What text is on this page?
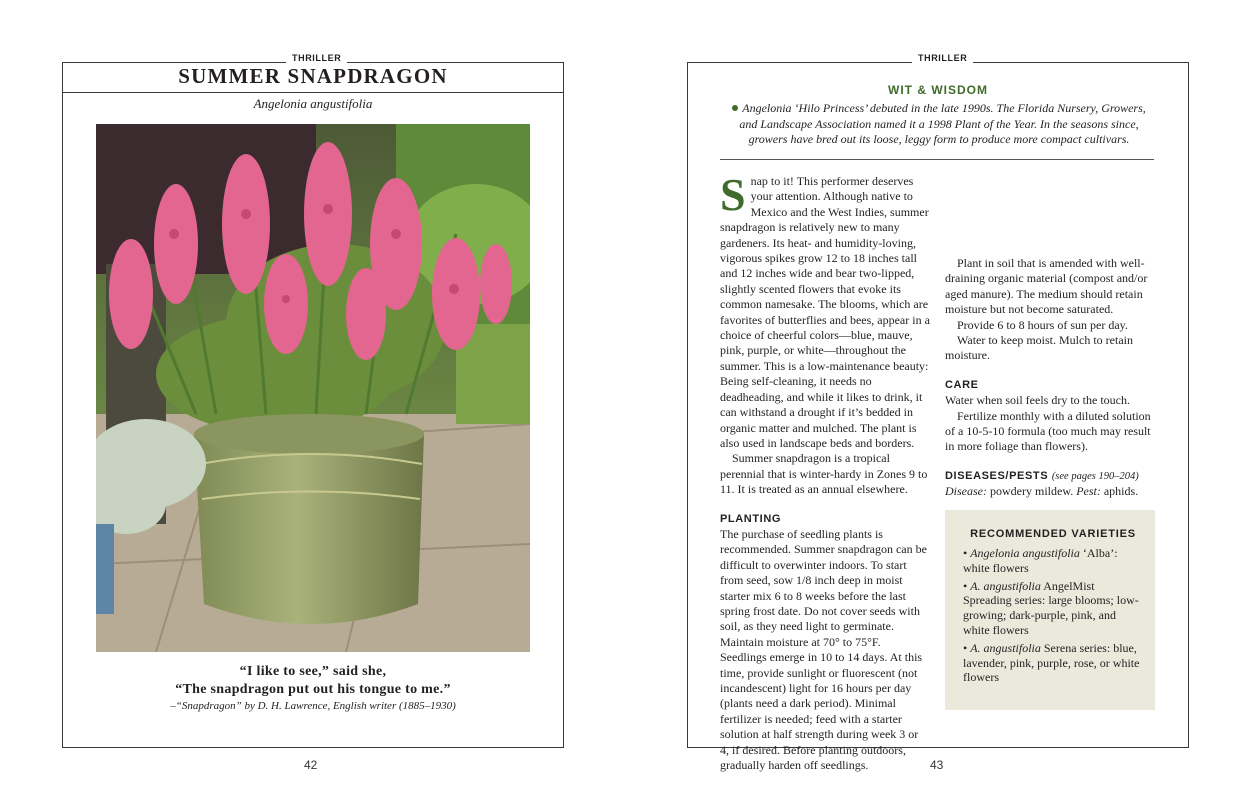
THRILLER
SUMMER SNAPDRAGON
Angelonia angustifolia
“I like to see,” said she,
“The snapdragon put out his tongue to me.”
–“Snapdragon” by D. H. Lawrence, English writer (1885–1930)
42
THRILLER
WIT & WISDOM
Angelonia ‘Hilo Princess’ debuted in the late 1990s. The Florida Nursery, Growers, and Landscape Association named it a 1998 Plant of the Year. In the seasons since, growers have bred out its loose, leggy form to produce more compact cultivars.

Snap to it! This performer deserves your attention. Although native to Mexico and the West Indies, summer snapdragon is relatively new to many gardeners. Its heat- and humidity-loving, vigorous spikes grow 12 to 18 inches tall and 12 inches wide and bear two-lipped, slightly scented flowers that evoke its common namesake. The blooms, which are favorites of butterflies and bees, appear in a choice of cheerful colors—blue, mauve, pink, purple, or white—throughout the summer. This is a low-maintenance beauty: Being self-cleaning, it needs no deadheading, and while it likes to drink, it can withstand a drought if it’s bedded in organic matter and mulched. The plant is also used in landscape beds and borders.

Summer snapdragon is a tropical perennial that is winter-hardy in Zones 9 to 11. It is treated as an annual elsewhere.

PLANTING

The purchase of seedling plants is recommended. Summer snapdragon can be difficult to overwinter indoors. To start from seed, sow 1/8 inch deep in moist starter mix 6 to 8 weeks before the last spring frost date. Do not cover seeds with soil, as they need light to germinate. Maintain moisture at 70° to 75°F. Seedlings emerge in 10 to 14 days. At this time, provide sunlight or fluorescent (not incandescent) light for 16 hours per day (plants need a dark period). Minimal fertilizer is needed; feed with a starter solution at half strength during week 3 or 4, if desired. Before planting outdoors, gradually harden off seedlings.

Plant in soil that is amended with well-draining organic material (compost and/or aged manure). The medium should retain moisture but not become saturated.

Provide 6 to 8 hours of sun per day.

Water to keep moist. Mulch to retain moisture.

CARE

Water when soil feels dry to the touch.

Fertilize monthly with a diluted solution of a 10-5-10 formula (too much may result in more foliage than flowers).

DISEASES/PESTS (see pages 190–204)

Disease: powdery mildew. Pest: aphids.

RECOMMENDED VARIETIES
• Angelonia angustifolia ‘Alba’: white flowers
• A. angustifolia AngelMist Spreading series: large blooms; low-growing; dark-purple, pink, and white flowers
• A. angustifolia Serena series: blue, lavender, pink, purple, rose, or white flowers
43
